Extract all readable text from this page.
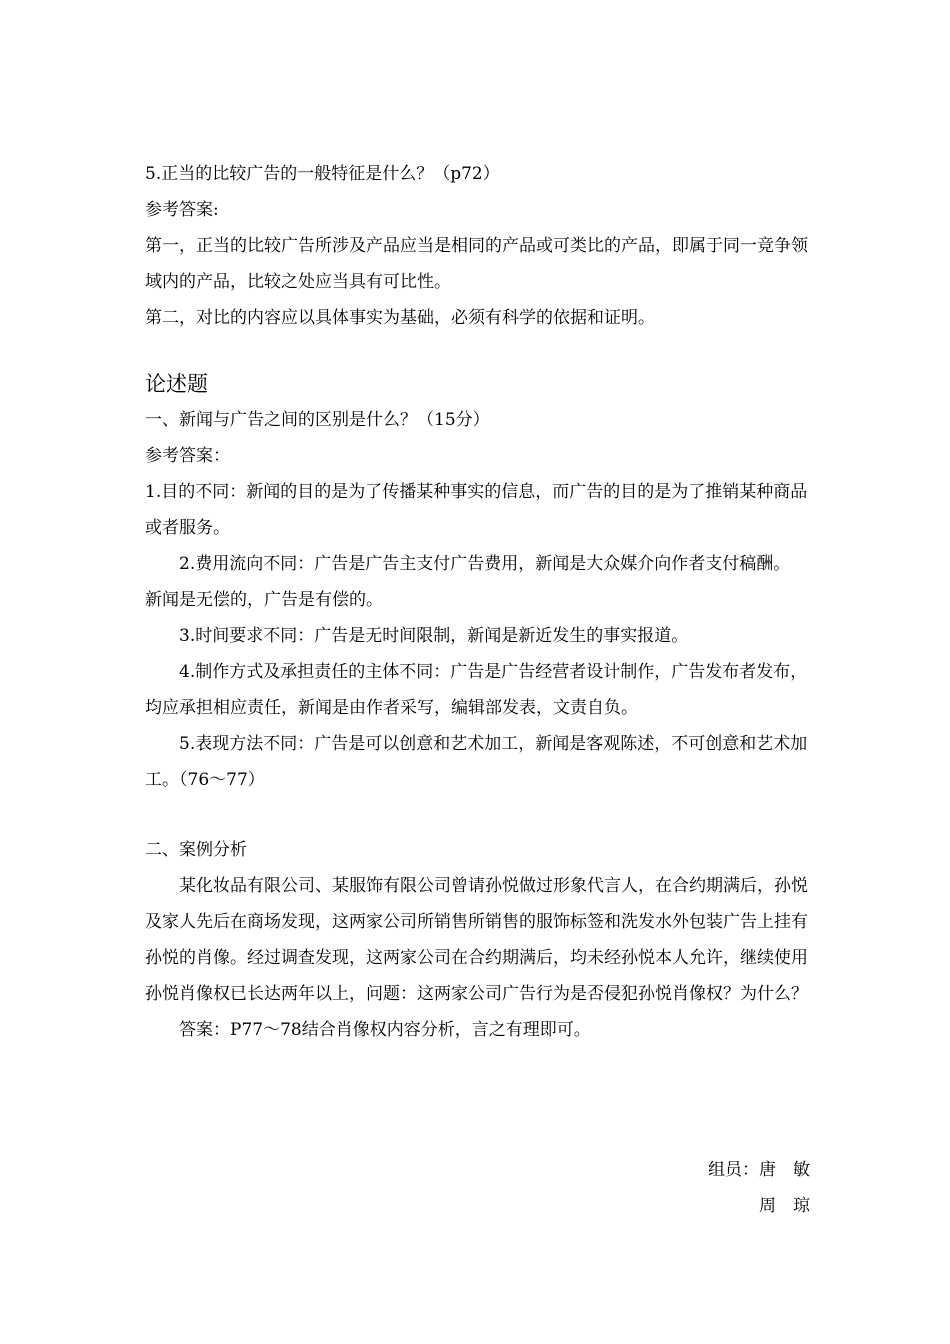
5.正当的比较广告的一般特征是什么？（p72）

参考答案:

第一，正当的比较广告所涉及产品应当是相同的产品或可类比的产品，即属于同一竞争领域内的产品，比较之处应当具有可比性。

第二，对比的内容应以具体事实为基础，必须有科学的依据和证明。

论述题

一、新闻与广告之间的区别是什么？（15分）

参考答案：

1.目的不同：新闻的目的是为了传播某种事实的信息，而广告的目的是为了推销某种商品或者服务。

2.费用流向不同：广告是广告主支付广告费用，新闻是大众媒介向作者支付稿酬。 新闻是无偿的，广告是有偿的。

3.时间要求不同：广告是无时间限制，新闻是新近发生的事实报道。

4.制作方式及承担责任的主体不同：广告是广告经营者设计制作，广告发布者发布，均应承担相应责任，新闻是由作者采写，编辑部发表，文责自负。

5.表现方法不同：广告是可以创意和艺术加工，新闻是客观陈述，不可创意和艺术加工。（76～77）

二、案例分析

某化妆品有限公司、某服饰有限公司曾请孙悦做过形象代言人，在合约期满后，孙悦及家人先后在商场发现，这两家公司所销售所销售的服饰标签和洗发水外包装广告上挂有孙悦的肖像。经过调查发现，这两家公司在合约期满后，均未经孙悦本人允许，继续使用孙悦肖像权已长达两年以上，问题：这两家公司广告行为是否侵犯孙悦肖像权？为什么？

答案：P77～78结合肖像权内容分析，言之有理即可。

组员：唐　敏
周　琼
